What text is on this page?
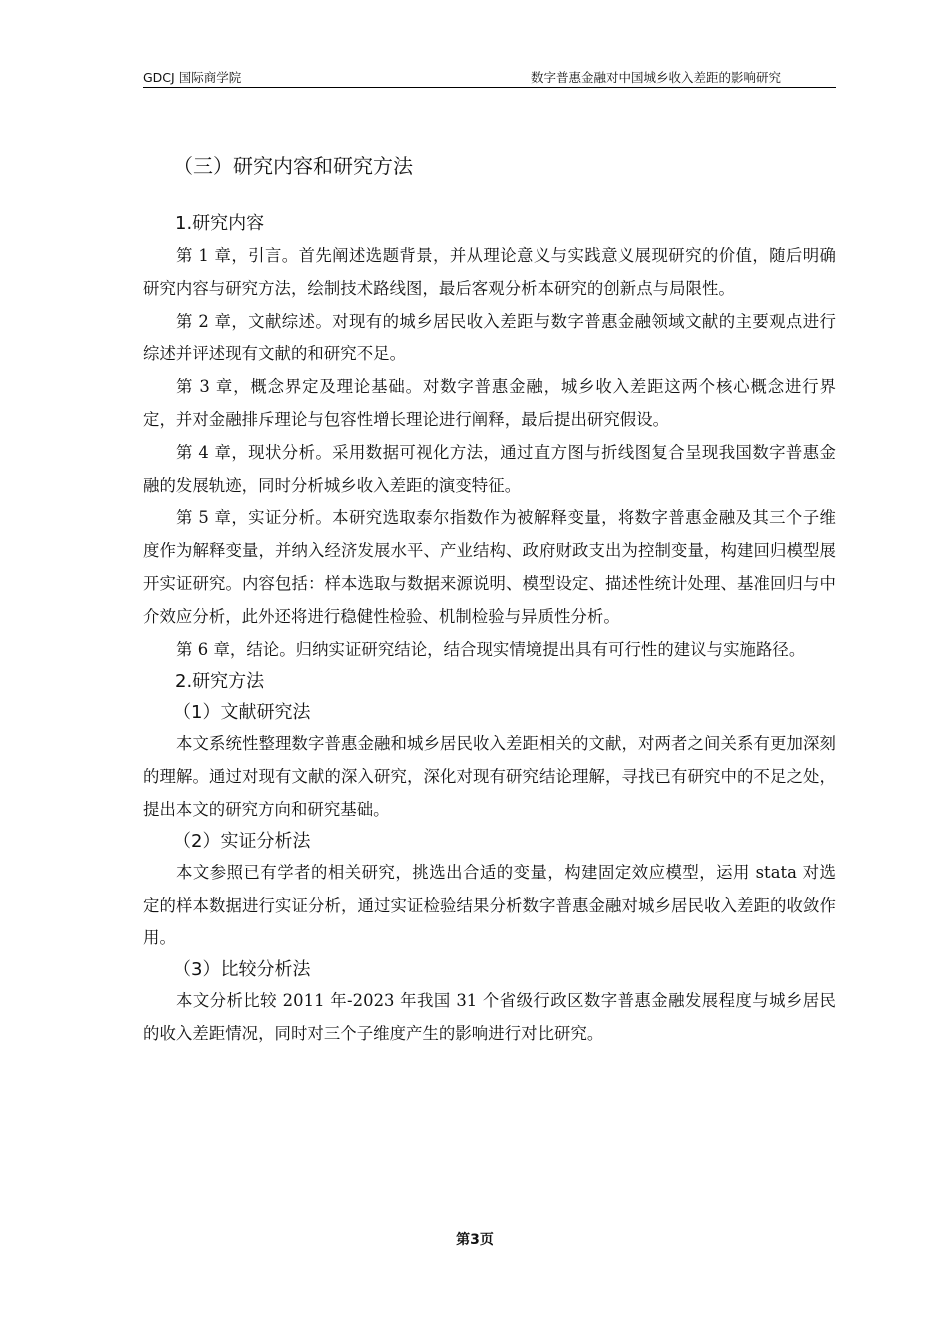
GDCJ 国际商学院	数字普惠金融对中国城乡收入差距的影响研究
（三）研究内容和研究方法
1.研究内容

第 1 章，引言。首先阐述选题背景，并从理论意义与实践意义展现研究的价值，随后明确研究内容与研究方法，绘制技术路线图，最后客观分析本研究的创新点与局限性。

第 2 章，文献综述。对现有的城乡居民收入差距与数字普惠金融领域文献的主要观点进行综述并评述现有文献的和研究不足。

第 3 章，概念界定及理论基础。对数字普惠金融，城乡收入差距这两个核心概念进行界定，并对金融排斥理论与包容性增长理论进行阐释，最后提出研究假设。

第 4 章，现状分析。采用数据可视化方法，通过直方图与折线图复合呈现我国数字普惠金融的发展轨迹，同时分析城乡收入差距的演变特征。

第 5 章，实证分析。本研究选取泰尔指数作为被解释变量，将数字普惠金融及其三个子维度作为解释变量，并纳入经济发展水平、产业结构、政府财政支出为控制变量，构建回归模型展开实证研究。内容包括：样本选取与数据来源说明、模型设定、描述性统计处理、基准回归与中介效应分析，此外还将进行稳健性检验、机制检验与异质性分析。

第 6 章，结论。归纳实证研究结论，结合现实情境提出具有可行性的建议与实施路径。

2.研究方法
（1）文献研究法

本文系统性整理数字普惠金融和城乡居民收入差距相关的文献，对两者之间关系有更加深刻的理解。通过对现有文献的深入研究，深化对现有研究结论理解，寻找已有研究中的不足之处，提出本文的研究方向和研究基础。

（2）实证分析法

本文参照已有学者的相关研究，挑选出合适的变量，构建固定效应模型，运用 stata 对选定的样本数据进行实证分析，通过实证检验结果分析数字普惠金融对城乡居民收入差距的收敛作用。

（3）比较分析法

本文分析比较 2011 年-2023 年我国 31 个省级行政区数字普惠金融发展程度与城乡居民的收入差距情况，同时对三个子维度产生的影响进行对比研究。

第3页
